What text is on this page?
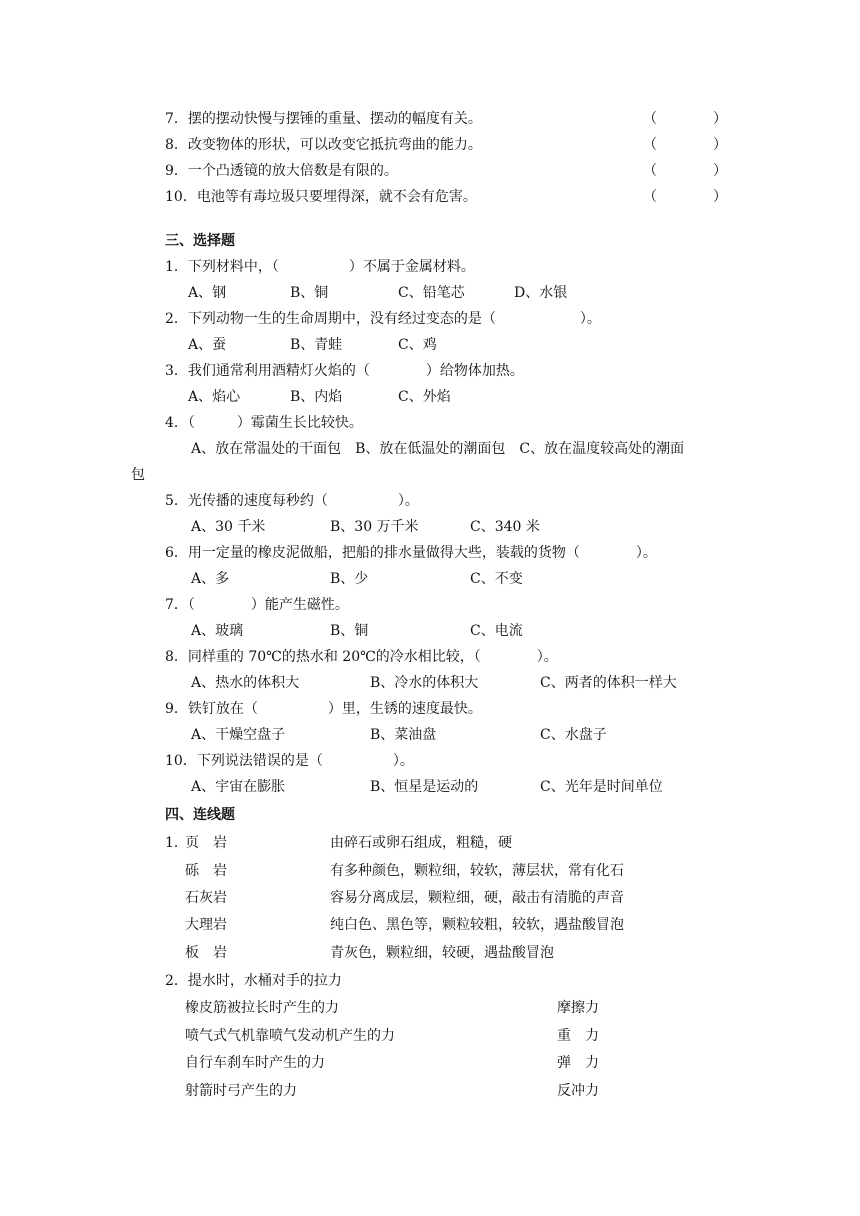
7．摆的摆动快慢与摆锤的重量、摆动的幅度有关。	（　　　　）
8．改变物体的形状，可以改变它抵抗弯曲的能力。	（　　　　）
9．一个凸透镜的放大倍数是有限的。	（　　　　）
10．电池等有毒垃圾只要埋得深，就不会有危害。	（　　　　）
三、选择题
1．下列材料中，（　　　　　）不属于金属材料。
A、钢	B、铜	C、铅笔芯	D、水银
2．下列动物一生的生命周期中，没有经过变态的是（　　　　　　）。
A、蚕	B、青蛙	C、鸡
3．我们通常利用酒精灯火焰的（　　　　）给物体加热。
A、焰心	B、内焰	C、外焰
4．（　　　）霉菌生长比较快。
A、放在常温处的干面包　B、放在低温处的潮面包　C、放在温度较高处的潮面
包
5．光传播的速度每秒约（　　　　　）。
A、30 千米	B、30 万千米	C、340 米
6．用一定量的橡皮泥做船，把船的排水量做得大些，装载的货物（　　　　）。
A、多	B、少	C、不变
7．（　　　　）能产生磁性。
A、玻璃	B、铜	C、电流
8．同样重的 70℃的热水和 20℃的冷水相比较，（　　　　）。
A、热水的体积大	B、冷水的体积大	C、两者的体积一样大
9．铁钉放在（　　　　　）里，生锈的速度最快。
A、干燥空盘子	B、菜油盘	C、水盘子
10．下列说法错误的是（　　　　　）。
A、宇宙在膨胀	B、恒星是运动的	C、光年是时间单位
四、连线题
1．
页　岩	由碎石或卵石组成，粗糙，硬
砾　岩	有多种颜色，颗粒细，较软，薄层状，常有化石
石灰岩	容易分离成层，颗粒细，硬，敲击有清脆的声音
大理岩	纯白色、黑色等，颗粒较粗，较软，遇盐酸冒泡
板　岩	青灰色，颗粒细，较硬，遇盐酸冒泡
2．提水时，水桶对手的拉力
橡皮筋被拉长时产生的力	摩擦力
喷气式气机靠喷气发动机产生的力	重　力
自行车刹车时产生的力	弹　力
射箭时弓产生的力	反冲力
